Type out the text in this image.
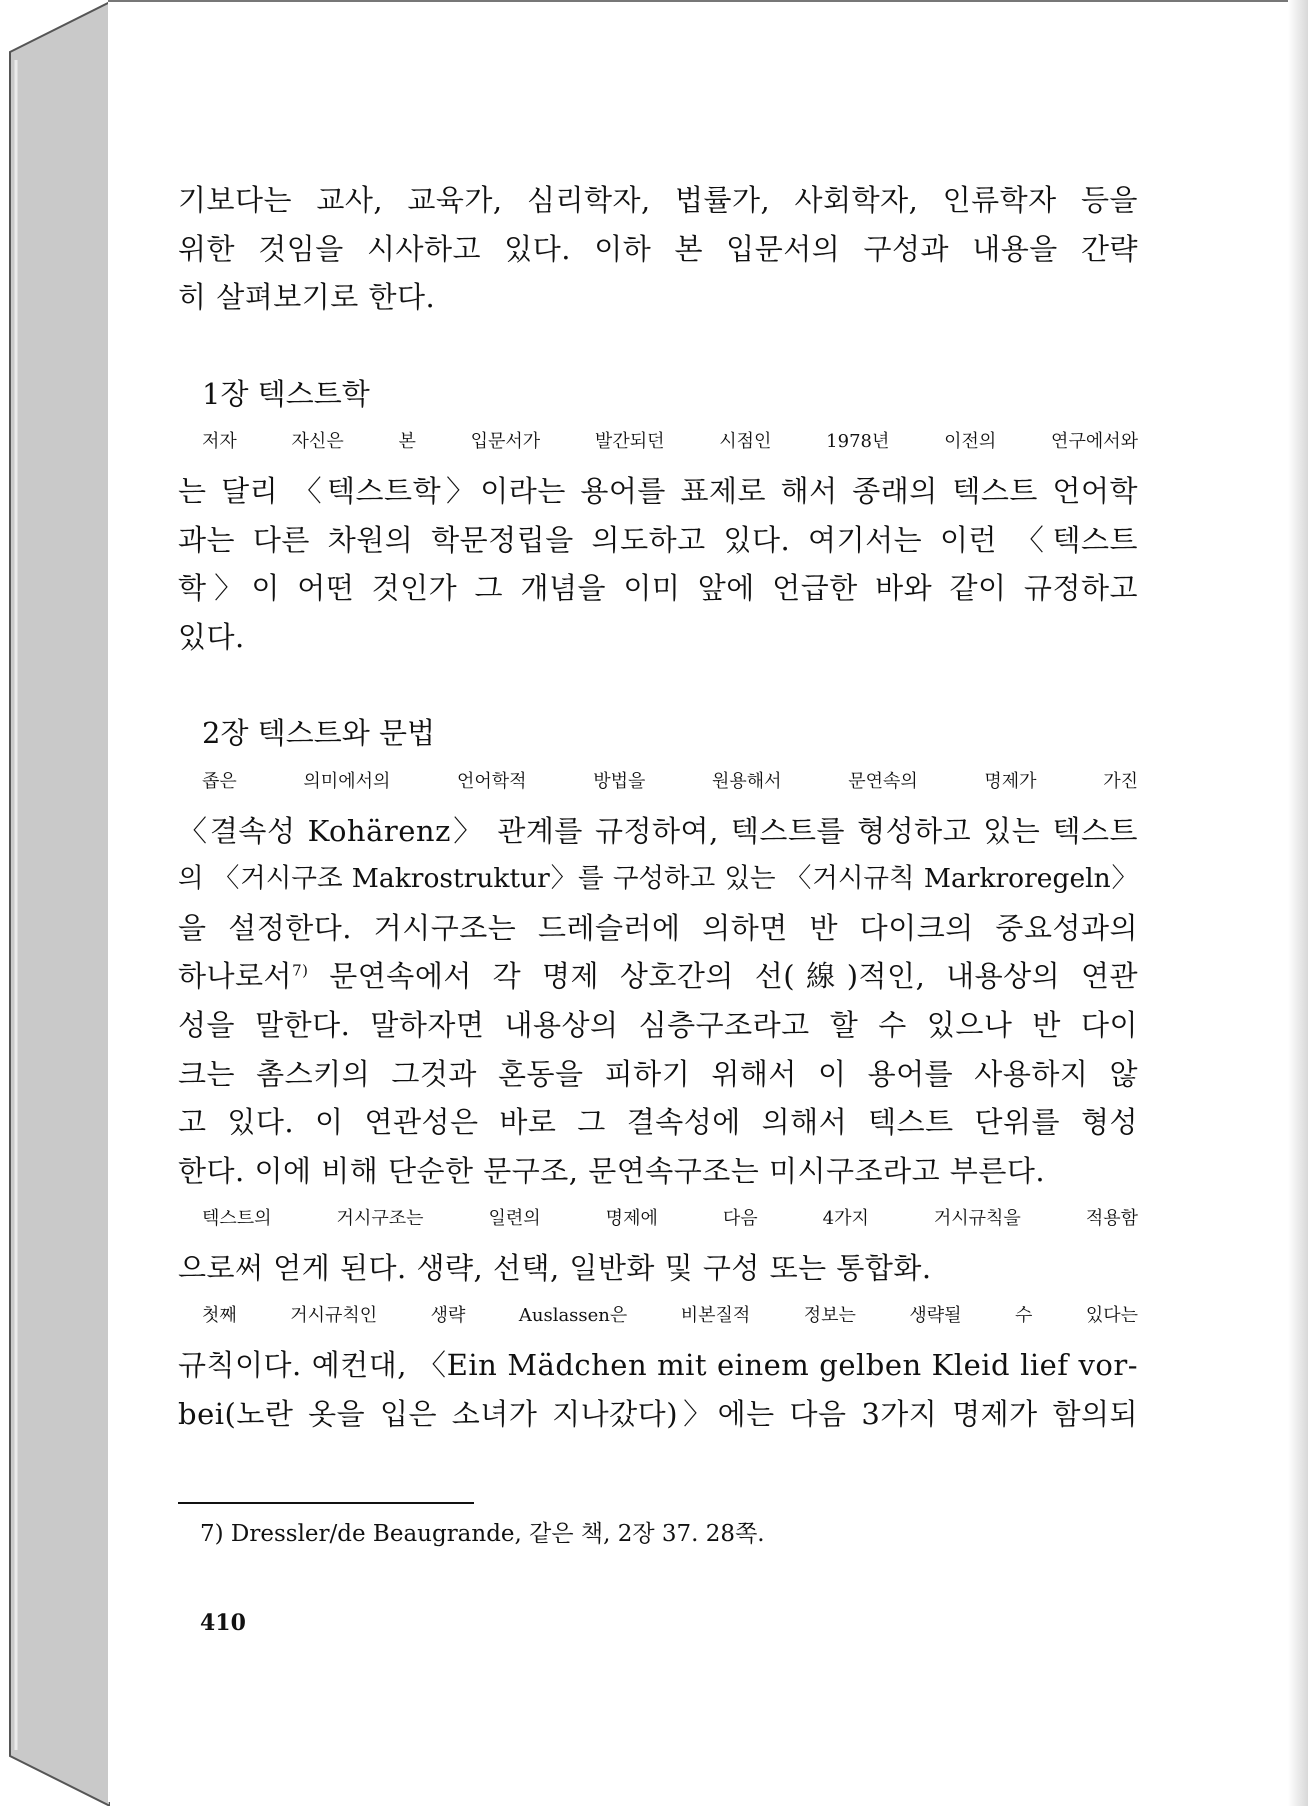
기보다는 교사, 교육가, 심리학자, 법률가, 사회학자, 인류학자 등을
위한 것임을 시사하고 있다. 이하 본 입문서의 구성과 내용을 간략
히 살펴보기로 한다.

1장 텍스트학

저자 자신은 본 입문서가 발간되던 시점인 1978년 이전의 연구에서와
는 달리 〈텍스트학〉이라는 용어를 표제로 해서 종래의 텍스트 언어학
과는 다른 차원의 학문정립을 의도하고 있다. 여기서는 이런 〈텍스트
학〉이 어떤 것인가 그 개념을 이미 앞에 언급한 바와 같이 규정하고
있다.

2장 텍스트와 문법

좁은 의미에서의 언어학적 방법을 원용해서 문연속의 명제가 가진
〈결속성 Kohärenz〉 관계를 규정하여, 텍스트를 형성하고 있는 텍스트
의 〈거시구조 Makrostruktur〉를 구성하고 있는 〈거시규칙 Markroregeln〉
을 설정한다. 거시구조는 드레슬러에 의하면 반 다이크의 중요성과의
하나로서$^{7)}$ 문연속에서 각 명제 상호간의 선(線)적인, 내용상의 연관
성을 말한다. 말하자면 내용상의 심층구조라고 할 수 있으나 반 다이
크는 촘스키의 그것과 혼동을 피하기 위해서 이 용어를 사용하지 않
고 있다. 이 연관성은 바로 그 결속성에 의해서 텍스트 단위를 형성
한다. 이에 비해 단순한 문구조, 문연속구조는 미시구조라고 부른다.

텍스트의 거시구조는 일련의 명제에 다음 4가지 거시규칙을 적용함
으로써 얻게 된다. 생략, 선택, 일반화 및 구성 또는 통합화.

첫째 거시규칙인 생략 Auslassen은 비본질적 정보는 생략될 수 있다는
규칙이다. 예컨대, 〈Ein Mädchen mit einem gelben Kleid lief vor-
bei(노란 옷을 입은 소녀가 지나갔다)〉에는 다음 3가지 명제가 함의되

7) Dressler/de Beaugrande, 같은 책, 2장 37. 28쪽.
410
